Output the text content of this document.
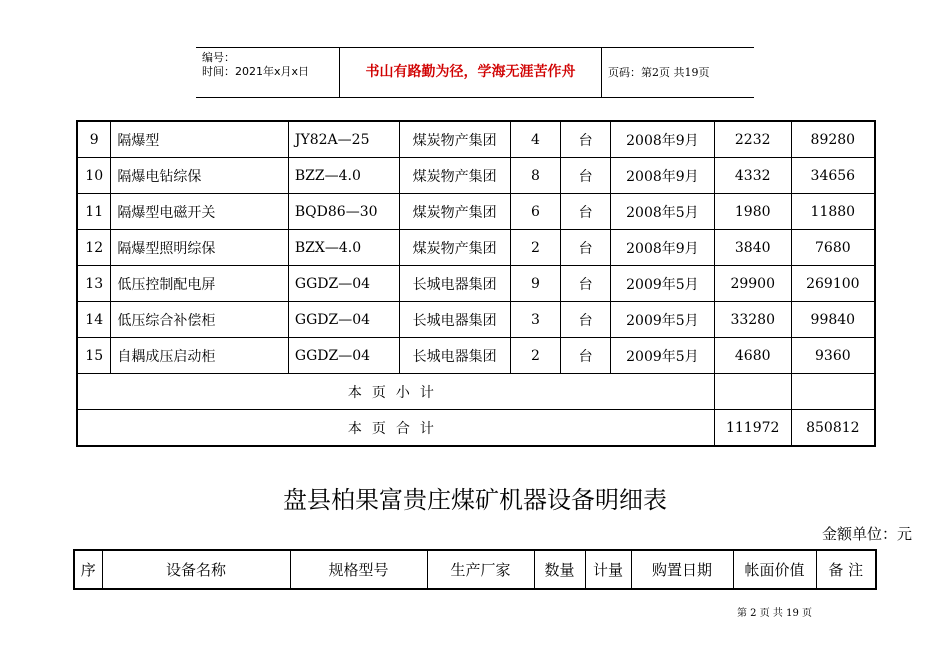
编号：
时间：2021年x月x日	书山有路勤为径，学海无涯苦作舟	页码：第2页 共19页
9	隔爆型	JY82A—25	煤炭物产集团	4	台	2008年9月	2232	89280
10	隔爆电钻综保	BZZ—4.0	煤炭物产集团	8	台	2008年9月	4332	34656
11	隔爆型电磁开关	BQD86—30	煤炭物产集团	6	台	2008年5月	1980	11880
12	隔爆型照明综保	BZX—4.0	煤炭物产集团	2	台	2008年9月	3840	7680
13	低压控制配电屏	GGDZ—04	长城电器集团	9	台	2009年5月	29900	269100
14	低压综合补偿柜	GGDZ—04	长城电器集团	3	台	2009年5月	33280	99840
15	自耦成压启动柜	GGDZ—04	长城电器集团	2	台	2009年5月	4680	9360
本页小计								
本页合计							111972	850812
盘县柏果富贵庄煤矿机器设备明细表
金额单位：元
序	设备名称	规格型号	生产厂家	数量	计量	购置日期	帐面价值	备 注
第 2 页 共 19 页
